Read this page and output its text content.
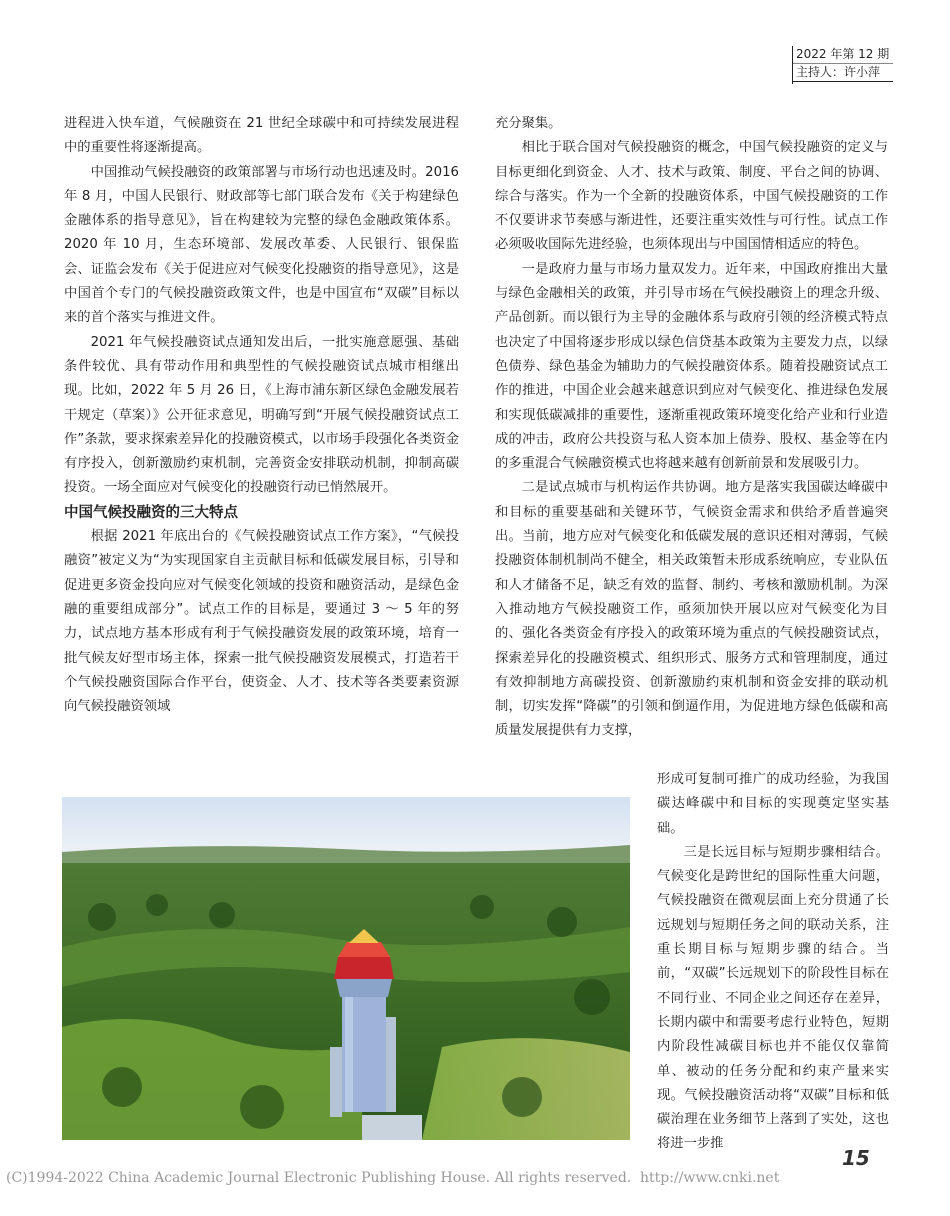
2022 年第 12 期
主持人：许小萍

进程进入快车道，气候融资在 21 世纪全球碳中和可持续发展进程中的重要性将逐渐提高。

中国推动气候投融资的政策部署与市场行动也迅速及时。2016 年 8 月，中国人民银行、财政部等七部门联合发布《关于构建绿色金融体系的指导意见》，旨在构建较为完整的绿色金融政策体系。2020 年 10 月，生态环境部、发展改革委、人民银行、银保监会、证监会发布《关于促进应对气候变化投融资的指导意见》，这是中国首个专门的气候投融资政策文件，也是中国宣布“双碳”目标以来的首个落实与推进文件。

2021 年气候投融资试点通知发出后，一批实施意愿强、基础条件较优、具有带动作用和典型性的气候投融资试点城市相继出现。比如，2022 年 5 月 26 日，《上海市浦东新区绿色金融发展若干规定（草案）》公开征求意见，明确写到“开展气候投融资试点工作”条款，要求探索差异化的投融资模式，以市场手段强化各类资金有序投入，创新激励约束机制，完善资金安排联动机制，抑制高碳投资。一场全面应对气候变化的投融资行动已悄然展开。

中国气候投融资的三大特点

根据 2021 年底出台的《气候投融资试点工作方案》，“气候投融资”被定义为“为实现国家自主贡献目标和低碳发展目标，引导和促进更多资金投向应对气候变化领域的投资和融资活动，是绿色金融的重要组成部分”。试点工作的目标是，要通过 3 ～ 5 年的努力，试点地方基本形成有利于气候投融资发展的政策环境，培育一批气候友好型市场主体，探索一批气候投融资发展模式，打造若干个气候投融资国际合作平台，使资金、人才、技术等各类要素资源向气候投融资领域

充分聚集。

相比于联合国对气候投融资的概念，中国气候投融资的定义与目标更细化到资金、人才、技术与政策、制度、平台之间的协调、综合与落实。作为一个全新的投融资体系，中国气候投融资的工作不仅要讲求节奏感与渐进性，还要注重实效性与可行性。试点工作必须吸收国际先进经验，也须体现出与中国国情相适应的特色。

一是政府力量与市场力量双发力。近年来，中国政府推出大量与绿色金融相关的政策，并引导市场在气候投融资上的理念升级、产品创新。而以银行为主导的金融体系与政府引领的经济模式特点也决定了中国将逐步形成以绿色信贷基本政策为主要发力点，以绿色债券、绿色基金为辅助力的气候投融资体系。随着投融资试点工作的推进，中国企业会越来越意识到应对气候变化、推进绿色发展和实现低碳减排的重要性，逐渐重视政策环境变化给产业和行业造成的冲击，政府公共投资与私人资本加上债券、股权、基金等在内的多重混合气候融资模式也将越来越有创新前景和发展吸引力。

二是试点城市与机构运作共协调。地方是落实我国碳达峰碳中和目标的重要基础和关键环节，气候资金需求和供给矛盾普遍突出。当前，地方应对气候变化和低碳发展的意识还相对薄弱，气候投融资体制机制尚不健全，相关政策暂未形成系统响应，专业队伍和人才储备不足，缺乏有效的监督、制约、考核和激励机制。为深入推动地方气候投融资工作，亟须加快开展以应对气候变化为目的、强化各类资金有序投入的政策环境为重点的气候投融资试点，探索差异化的投融资模式、组织形式、服务方式和管理制度，通过有效抑制地方高碳投资、创新激励约束机制和资金安排的联动机制，切实发挥“降碳”的引领和倒逼作用，为促进地方绿色低碳和高质量发展提供有力支撑，

形成可复制可推广的成功经验，为我国碳达峰碳中和目标的实现奠定坚实基础。

三是长远目标与短期步骤相结合。气候变化是跨世纪的国际性重大问题，气候投融资在微观层面上充分贯通了长远规划与短期任务之间的联动关系，注重长期目标与短期步骤的结合。当前，“双碳”长远规划下的阶段性目标在不同行业、不同企业之间还存在差异，长期内碳中和需要考虑行业特色，短期内阶段性减碳目标也并不能仅仅靠简单、被动的任务分配和约束产量来实现。气候投融资活动将“双碳”目标和低碳治理在业务细节上落到了实处，这也将进一步推

(C)1994-2022 China Academic Journal Electronic Publishing House. All rights reserved. http://www.cnki.net
15
